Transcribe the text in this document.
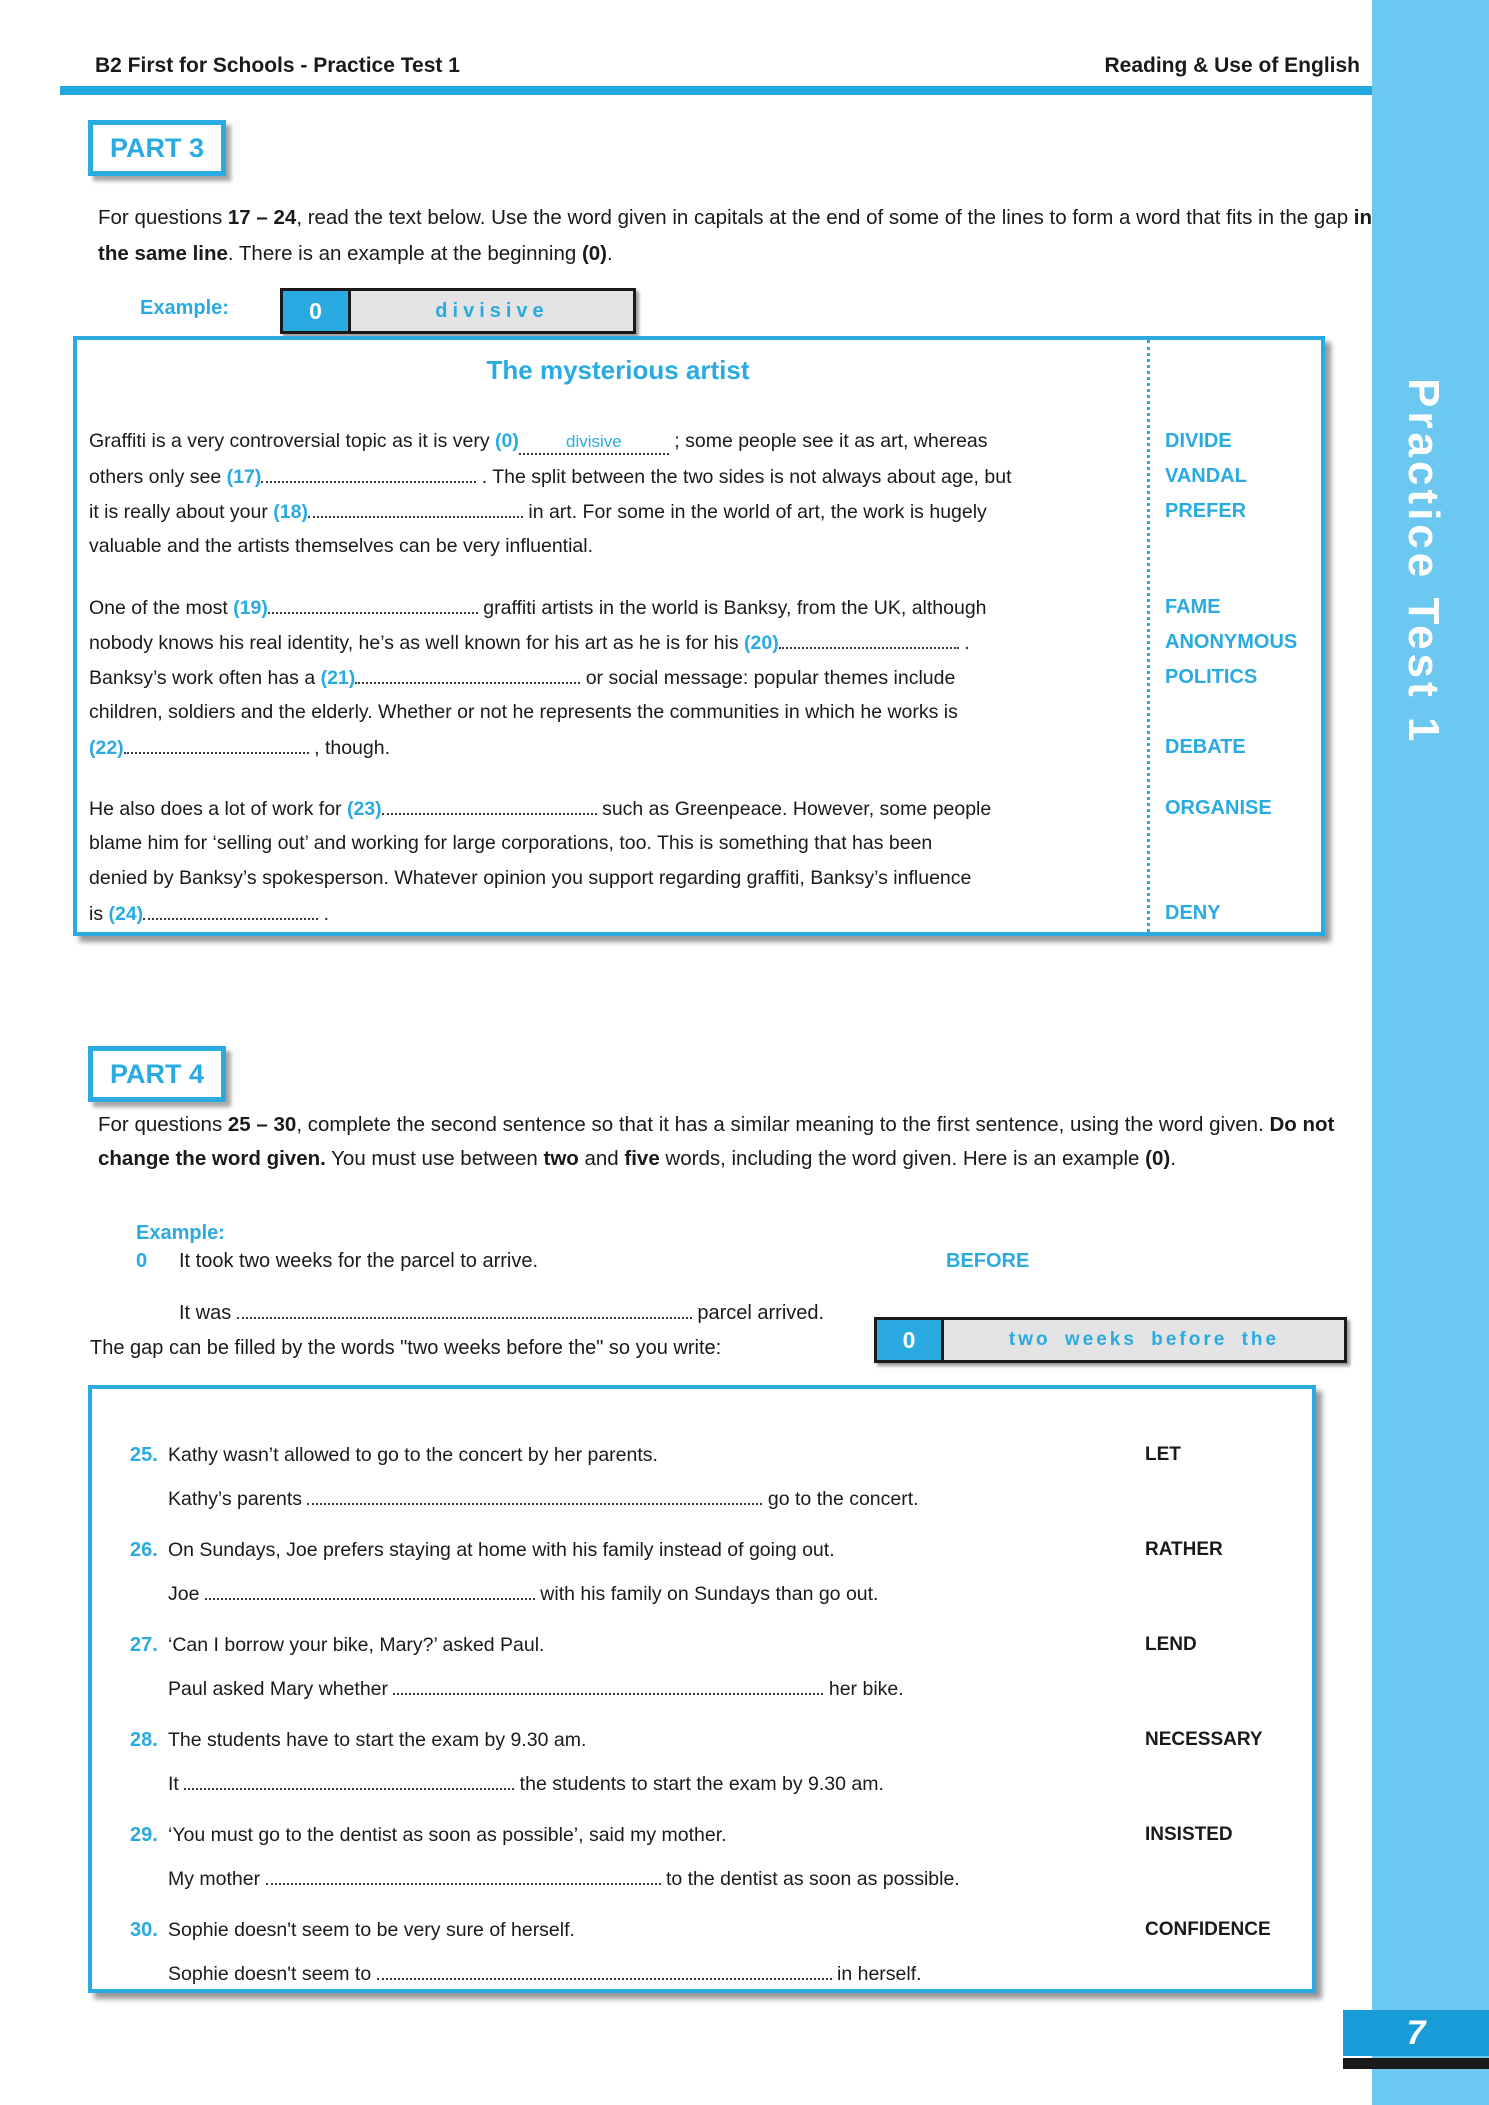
B2 First for Schools - Practice Test 1	Reading & Use of English
Practice Test 1
7
PART 3
For questions 17 – 24, read the text below. Use the word given in capitals at the end of some of the lines to form a word that fits in the gap in the same line. There is an example at the beginning (0).
Example:	0	divisive
The mysterious artist
Graffiti is a very controversial topic as it is very (0)	divisive ; some people see it as art, whereas	DIVIDE
others only see (17)	. The split between the two sides is not always about age, but	VANDAL
it is really about your (18)	in art. For some in the world of art, the work is hugely	PREFER
valuable and the artists themselves can be very influential.
One of the most (19)	graffiti artists in the world is Banksy, from the UK, although	FAME
nobody knows his real identity, he’s as well known for his art as he is for his (20)	.	ANONYMOUS
Banksy’s work often has a (21)	or social message: popular themes include	POLITICS
children, soldiers and the elderly. Whether or not he represents the communities in which he works is
(22)	, though.	DEBATE
He also does a lot of work for (23)	such as Greenpeace. However, some people	ORGANISE
blame him for ‘selling out’ and working for large corporations, too. This is something that has been
denied by Banksy’s spokesperson. Whatever opinion you support regarding graffiti, Banksy’s influence
is (24)	.	DENY
PART 4
For questions 25 – 30, complete the second sentence so that it has a similar meaning to the first sentence, using the word given. Do not change the word given. You must use between two and five words, including the word given. Here is an example (0).
Example:
0 It took two weeks for the parcel to arrive.	BEFORE
It was	parcel arrived.
The gap can be filled by the words "two weeks before the" so you write:	0	two weeks before the
25. Kathy wasn’t allowed to go to the concert by her parents.	LET
Kathy’s parents	go to the concert.
26. On Sundays, Joe prefers staying at home with his family instead of going out.	RATHER
Joe	with his family on Sundays than go out.
27. ‘Can I borrow your bike, Mary?’ asked Paul.	LEND
Paul asked Mary whether	her bike.
28. The students have to start the exam by 9.30 am.	NECESSARY
It	the students to start the exam by 9.30 am.
29. ‘You must go to the dentist as soon as possible’, said my mother.	INSISTED
My mother	to the dentist as soon as possible.
30. Sophie doesn't seem to be very sure of herself.	CONFIDENCE
Sophie doesn't seem to	in herself.
